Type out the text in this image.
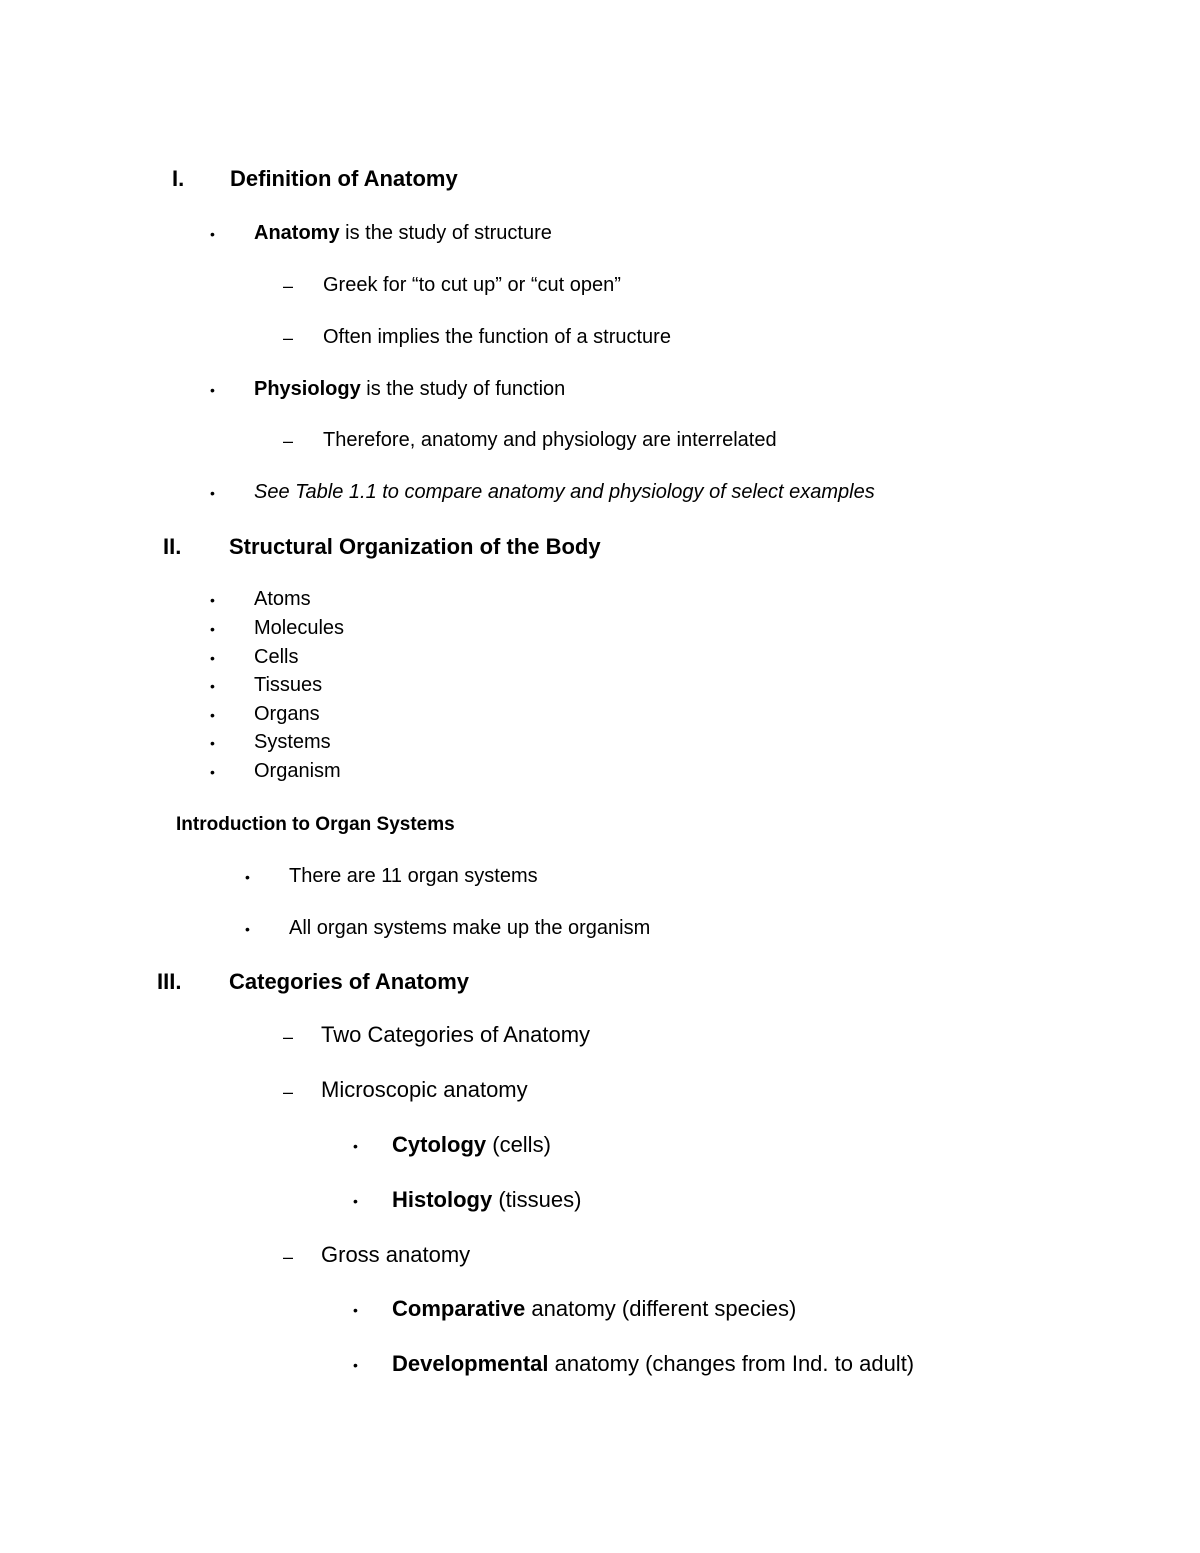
I. Definition of Anatomy
• Anatomy is the study of structure
– Greek for “to cut up” or “cut open”
– Often implies the function of a structure
• Physiology is the study of function
– Therefore, anatomy and physiology are interrelated
• See Table 1.1 to compare anatomy and physiology of select examples
II. Structural Organization of the Body
• Atoms
• Molecules
• Cells
• Tissues
• Organs
• Systems
• Organism
Introduction to Organ Systems
• There are 11 organ systems
• All organ systems make up the organism
III. Categories of Anatomy
– Two Categories of Anatomy
– Microscopic anatomy
• Cytology (cells)
• Histology (tissues)
– Gross anatomy
• Comparative anatomy (different species)
• Developmental anatomy (changes from Ind. to adult)
